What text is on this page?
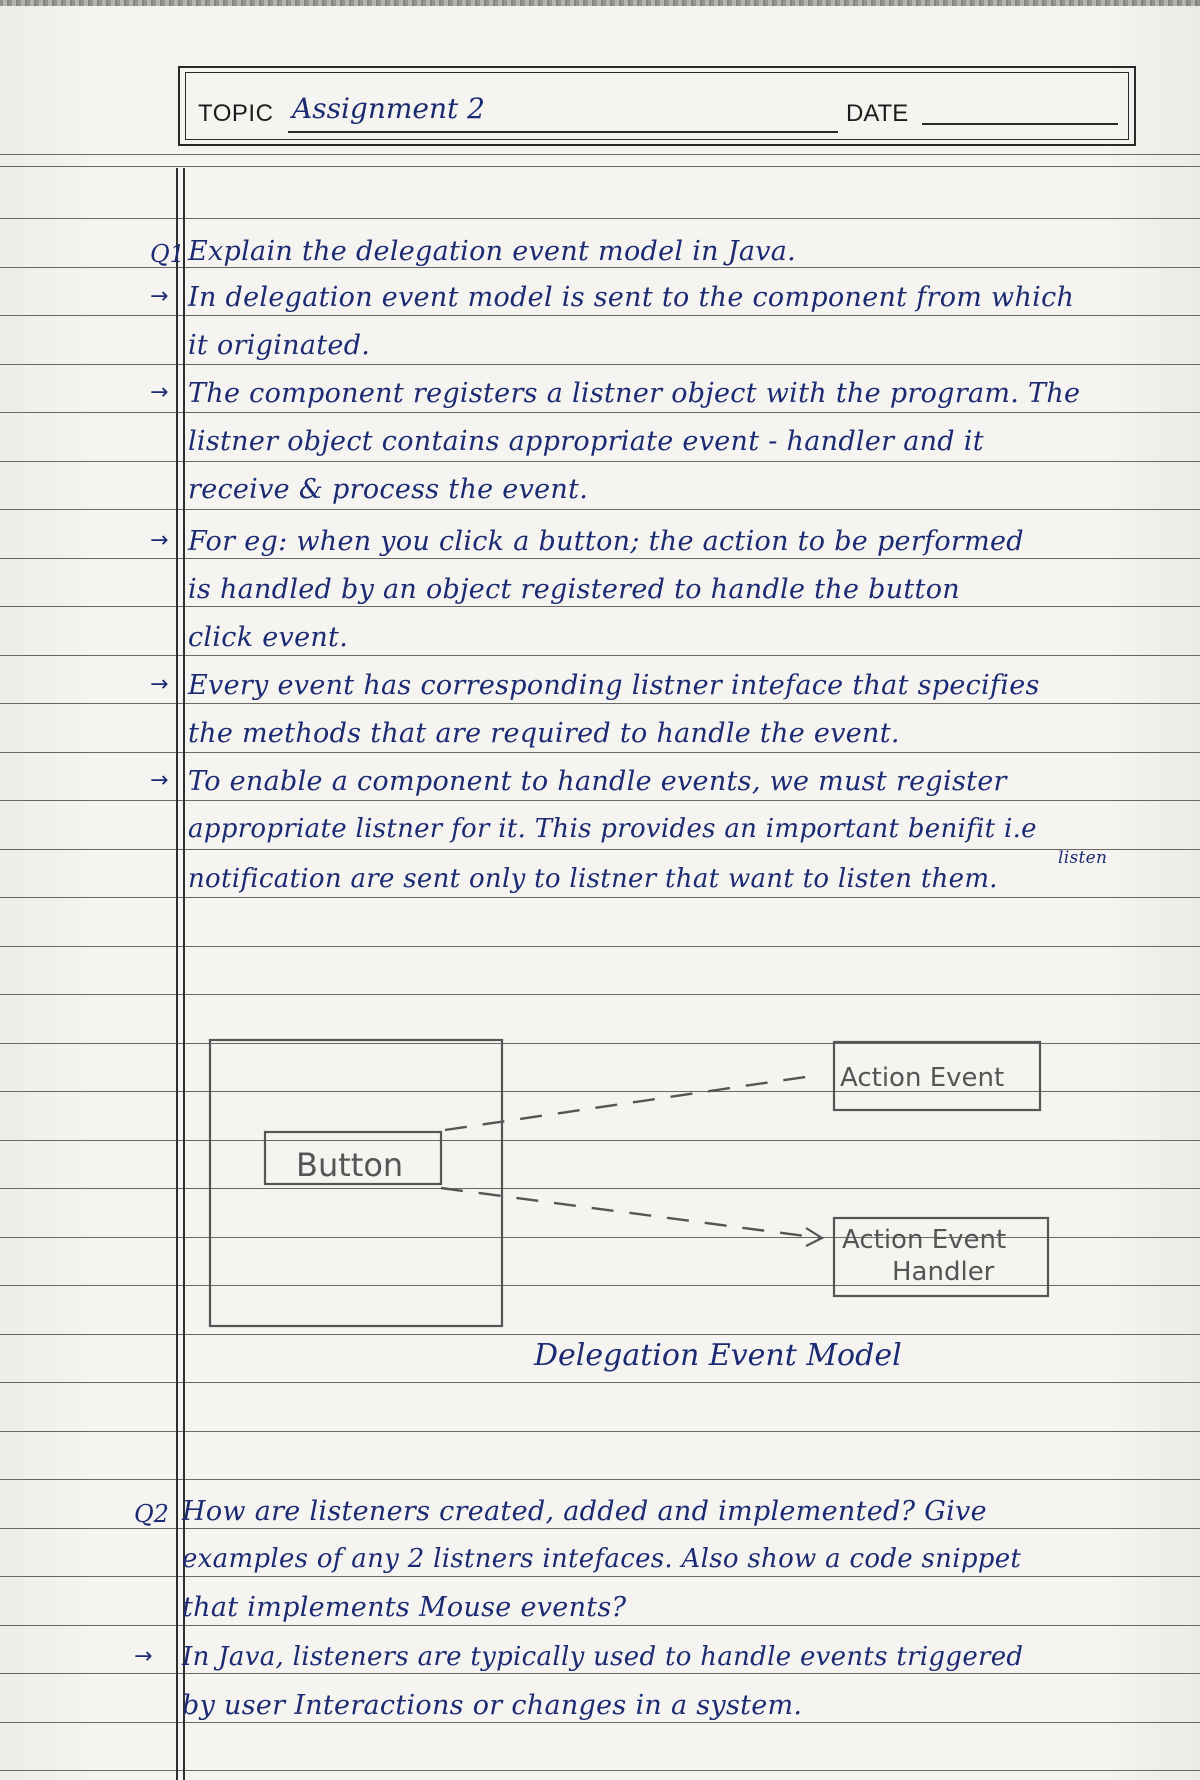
TOPIC Assignment 2	DATE
Q1 Explain the delegation event model in Java.
→ In delegation event model is sent to the component from which
it originated.
→ The component registers a listner object with the program. The
listner object contains appropriate event - handler and it
receive & process the event.
→ For eg: when you click a button; the action to be performed
is handled by an object registered to handle the button
click event.
→ Every event has corresponding listner inteface that specifies
the methods that are required to handle the event.
→ To enable a component to handle events, we must register
appropriate listner for it. This provides an important benifit i.e
listen
notification are sent only to listner that want to listen them.
Button
Action Event
Action Event
Handler
Delegation Event Model
Q2 How are listeners created, added and implemented? Give
examples of any 2 listners intefaces. Also show a code snippet
that implements Mouse events?
→ In Java, listeners are typically used to handle events triggered
by user Interactions or changes in a system.
